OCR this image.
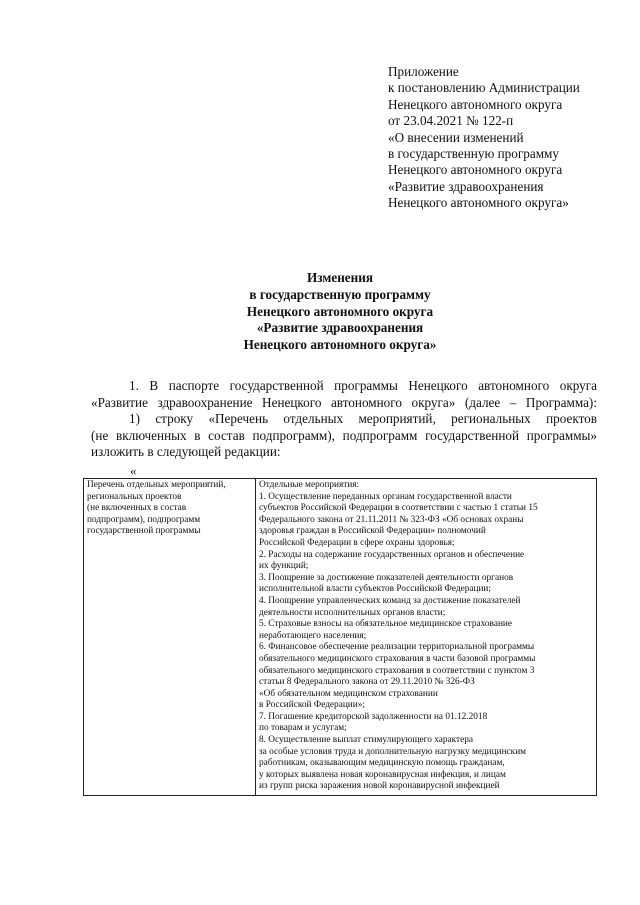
Приложение
к постановлению Администрации
Ненецкого автономного округа
от 23.04.2021 № 122-п
«О внесении изменений
в государственную программу
Ненецкого автономного округа
«Развитие здравоохранения
Ненецкого автономного округа»
Изменения
в государственную программу
Ненецкого автономного округа
«Развитие здравоохранения
Ненецкого автономного округа»
1. В паспорте государственной программы Ненецкого автономного округа
«Развитие здравоохранение Ненецкого автономного округа» (далее – Программа):
1) строку «Перечень отдельных мероприятий, региональных проектов
(не включенных в состав подпрограмм), подпрограмм государственной программы»
изложить в следующей редакции:
«
Перечень отдельных мероприятий,
региональных проектов
(не включенных в состав
подпрограмм), подпрограмм
государственной программы

Отдельные мероприятия:
1. Осуществление переданных органам государственной власти
субъектов Российской Федерации в соответствии с частью 1 статьи 15
Федерального закона от 21.11.2011 № 323-ФЗ «Об основах охраны
здоровья граждан в Российской Федерации» полномочий
Российской Федерации в сфере охраны здоровья;
2. Расходы на содержание государственных органов и обеспечение
их функций;
3. Поощрение за достижение показателей деятельности органов
исполнительной власти субъектов Российской Федерации;
4. Поощрение управленческих команд за достижение показателей
деятельности исполнительных органов власти;
5. Страховые взносы на обязательное медицинское страхование
неработающего населения;
6. Финансовое обеспечение реализации территориальной программы
обязательного медицинского страхования в части базовой программы
обязательного медицинского страхования в соответствии с пунктом 3
статьи 8 Федерального закона от 29.11.2010 № 326-ФЗ
«Об обязательном медицинском страховании
в Российской Федерации»;
7. Погашение кредиторской задолженности на 01.12.2018
по товарам и услугам;
8. Осуществление выплат стимулирующего характера
за особые условия труда и дополнительную нагрузку медицинским
работникам, оказывающим медицинскую помощь гражданам,
у которых выявлена новая коронавирусная инфекция, и лицам
из групп риска заражения новой коронавирусной инфекцией
